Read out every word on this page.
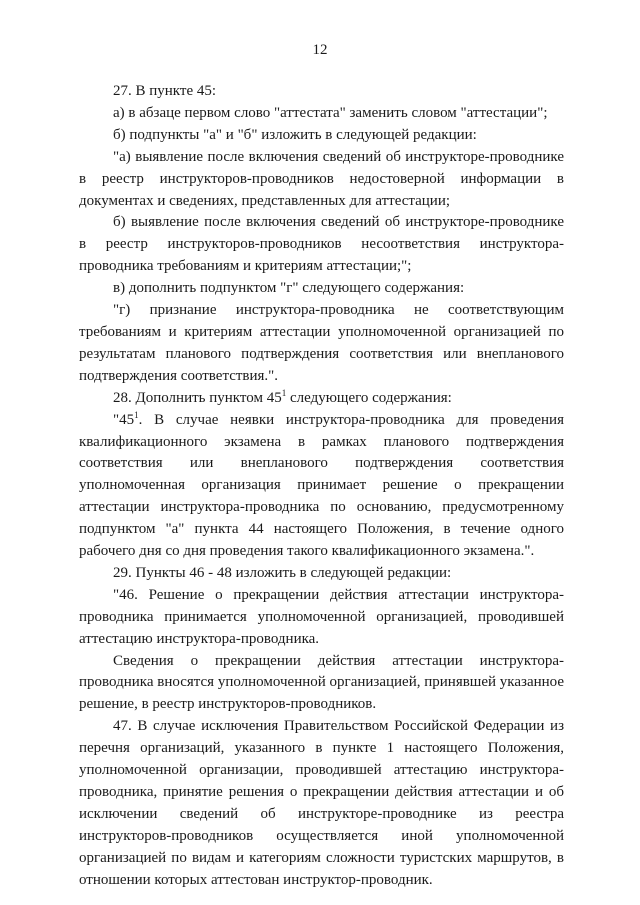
12

27. В пункте 45:

а) в абзаце первом слово "аттестата" заменить словом "аттестации";

б) подпункты "а" и "б" изложить в следующей редакции:

"а) выявление после включения сведений об инструкторе-проводнике в реестр инструкторов-проводников недостоверной информации в документах и сведениях, представленных для аттестации;

б) выявление после включения сведений об инструкторе-проводнике в реестр инструкторов-проводников несоответствия инструктора-проводника требованиям и критериям аттестации;";

в) дополнить подпунктом "г" следующего содержания:

"г) признание инструктора-проводника не соответствующим требованиям и критериям аттестации уполномоченной организацией по результатам планового подтверждения соответствия или внепланового подтверждения соответствия.".

28. Дополнить пунктом $45^1$ следующего содержания:

"$45^1$. В случае неявки инструктора-проводника для проведения квалификационного экзамена в рамках планового подтверждения соответствия или внепланового подтверждения соответствия уполномоченная организация принимает решение о прекращении аттестации инструктора-проводника по основанию, предусмотренному подпунктом "а" пункта 44 настоящего Положения, в течение одного рабочего дня со дня проведения такого квалификационного экзамена.".

29. Пункты 46 - 48 изложить в следующей редакции:

"46. Решение о прекращении действия аттестации инструктора-проводника принимается уполномоченной организацией, проводившей аттестацию инструктора-проводника.

Сведения о прекращении действия аттестации инструктора-проводника вносятся уполномоченной организацией, принявшей указанное решение, в реестр инструкторов-проводников.

47. В случае исключения Правительством Российской Федерации из перечня организаций, указанного в пункте 1 настоящего Положения, уполномоченной организации, проводившей аттестацию инструктора-проводника, принятие решения о прекращении действия аттестации и об исключении сведений об инструкторе-проводнике из реестра инструкторов-проводников осуществляется иной уполномоченной организацией по видам и категориям сложности туристских маршрутов, в отношении которых аттестован инструктор-проводник.
